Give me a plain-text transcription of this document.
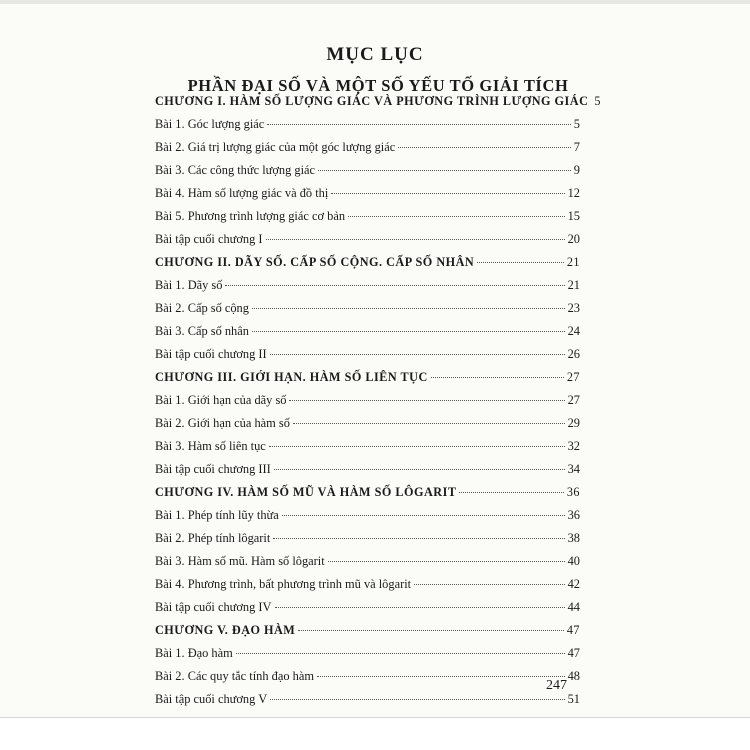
MỤC LỤC
PHẦN ĐẠI SỐ VÀ MỘT SỐ YẾU TỐ GIẢI TÍCH
CHƯƠNG I. HÀM SỐ LƯỢNG GIÁC VÀ PHƯƠNG TRÌNH LƯỢNG GIÁC 5
Bài 1. Góc lượng giác	5
Bài 2. Giá trị lượng giác của một góc lượng giác	7
Bài 3. Các công thức lượng giác	9
Bài 4. Hàm số lượng giác và đồ thị	12
Bài 5. Phương trình lượng giác cơ bản	15
Bài tập cuối chương I	20
CHƯƠNG II. DÃY SỐ. CẤP SỐ CỘNG. CẤP SỐ NHÂN	21
Bài 1. Dãy số	21
Bài 2. Cấp số cộng	23
Bài 3. Cấp số nhân	24
Bài tập cuối chương II	26
CHƯƠNG III. GIỚI HẠN. HÀM SỐ LIÊN TỤC	27
Bài 1. Giới hạn của dãy số	27
Bài 2. Giới hạn của hàm số	29
Bài 3. Hàm số liên tục	32
Bài tập cuối chương III	34
CHƯƠNG IV. HÀM SỐ MŨ VÀ HÀM SỐ LÔGARIT	36
Bài 1. Phép tính lũy thừa	36
Bài 2. Phép tính lôgarit	38
Bài 3. Hàm số mũ. Hàm số lôgarit	40
Bài 4. Phương trình, bất phương trình mũ và lôgarit	42
Bài tập cuối chương IV	44
CHƯƠNG V. ĐẠO HÀM	47
Bài 1. Đạo hàm	47
Bài 2. Các quy tắc tính đạo hàm	48
Bài tập cuối chương V	51
247
